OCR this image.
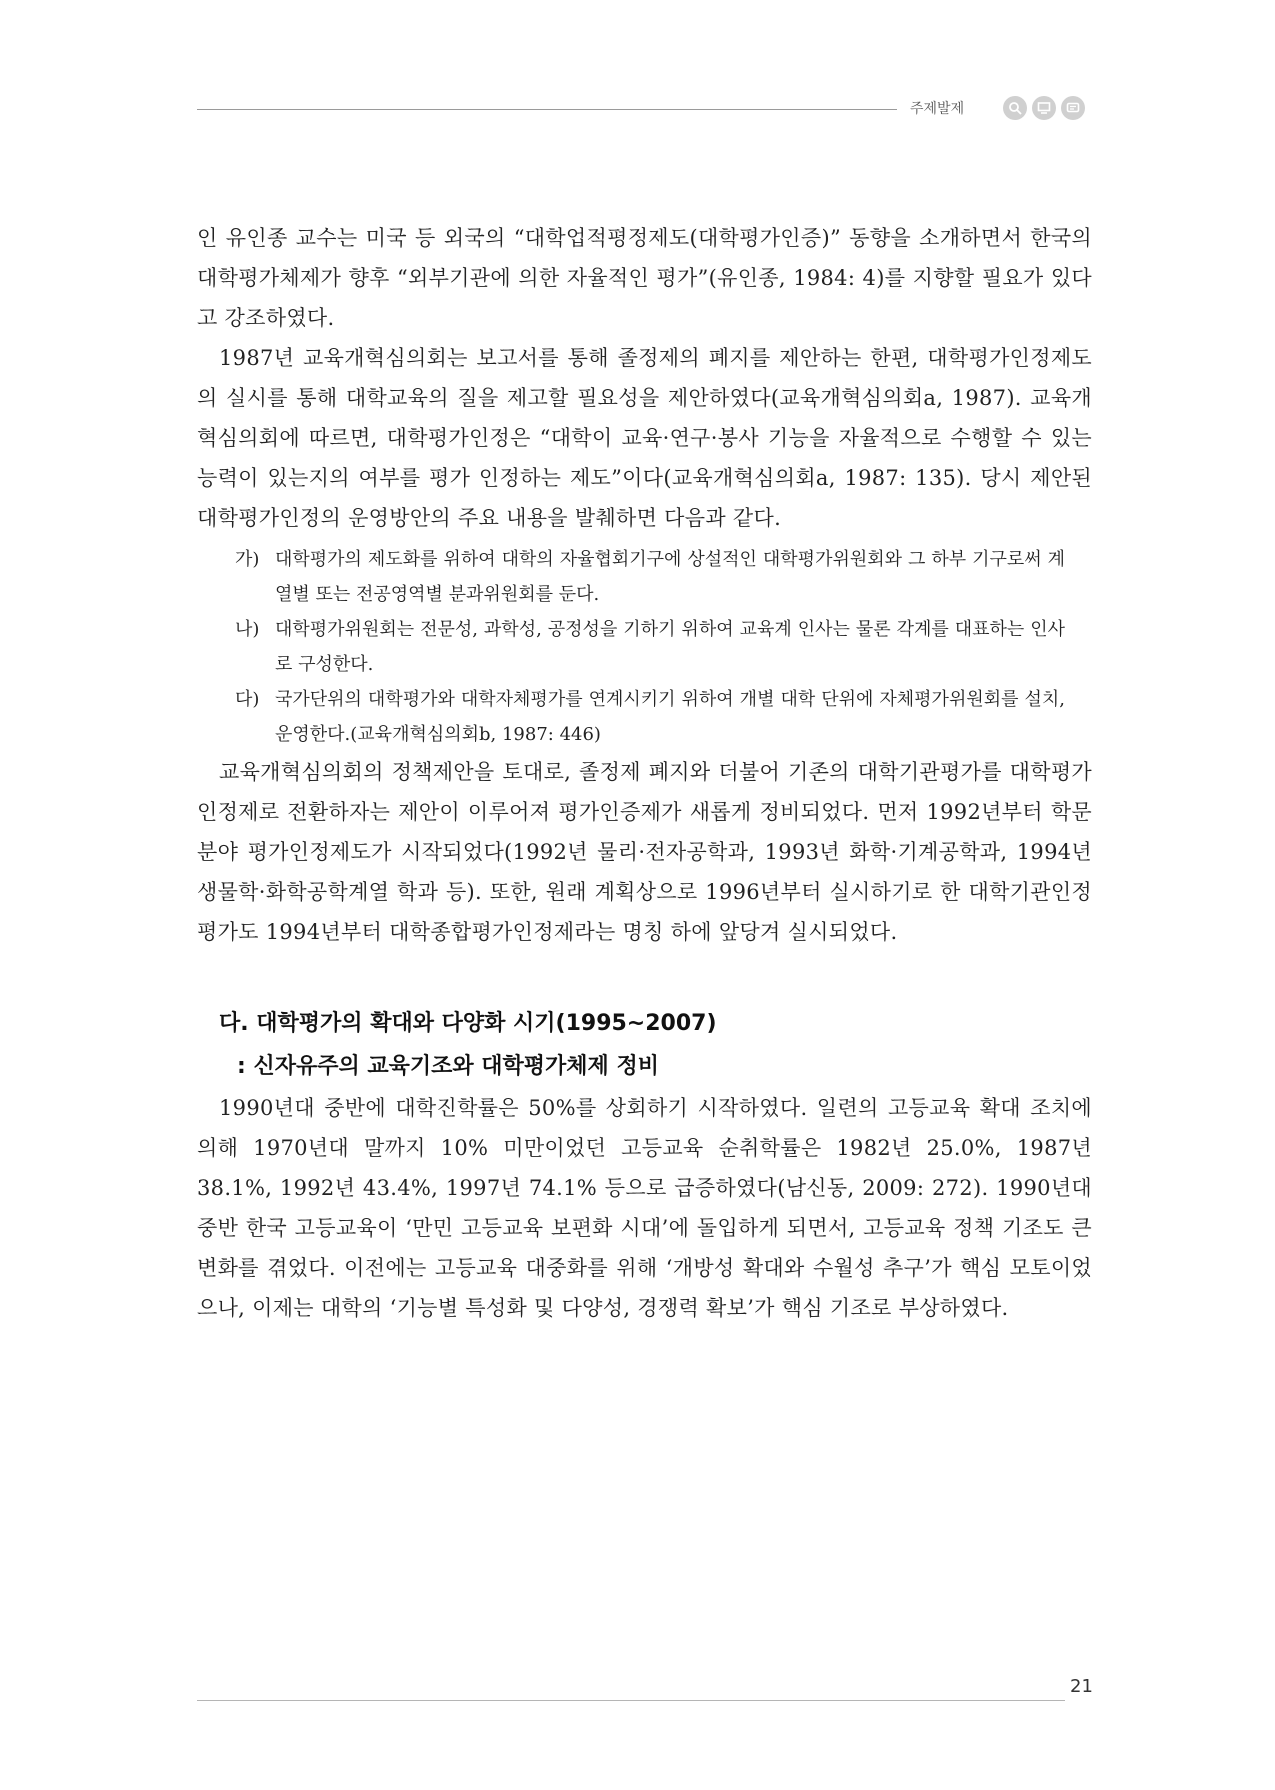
주제발제

인 유인종 교수는 미국 등 외국의 “대학업적평정제도(대학평가인증)” 동향을 소개하면서 한국의 대학평가체제가 향후 “외부기관에 의한 자율적인 평가”(유인종, 1984: 4)를 지향할 필요가 있다고 강조하였다.

1987년 교육개혁심의회는 보고서를 통해 졸정제의 폐지를 제안하는 한편, 대학평가인정제도의 실시를 통해 대학교육의 질을 제고할 필요성을 제안하였다(교육개혁심의회a, 1987). 교육개혁심의회에 따르면, 대학평가인정은 “대학이 교육·연구·봉사 기능을 자율적으로 수행할 수 있는 능력이 있는지의 여부를 평가 인정하는 제도”이다(교육개혁심의회a, 1987: 135). 당시 제안된 대학평가인정의 운영방안의 주요 내용을 발췌하면 다음과 같다.

가) 대학평가의 제도화를 위하여 대학의 자율협회기구에 상설적인 대학평가위원회와 그 하부 기구로써 계열별 또는 전공영역별 분과위원회를 둔다.
나) 대학평가위원회는 전문성, 과학성, 공정성을 기하기 위하여 교육계 인사는 물론 각계를 대표하는 인사로 구성한다.
다) 국가단위의 대학평가와 대학자체평가를 연계시키기 위하여 개별 대학 단위에 자체평가위원회를 설치, 운영한다.(교육개혁심의회b, 1987: 446)

교육개혁심의회의 정책제안을 토대로, 졸정제 폐지와 더불어 기존의 대학기관평가를 대학평가인정제로 전환하자는 제안이 이루어져 평가인증제가 새롭게 정비되었다. 먼저 1992년부터 학문분야 평가인정제도가 시작되었다(1992년 물리·전자공학과, 1993년 화학·기계공학과, 1994년 생물학·화학공학계열 학과 등). 또한, 원래 계획상으로 1996년부터 실시하기로 한 대학기관인정평가도 1994년부터 대학종합평가인정제라는 명칭 하에 앞당겨 실시되었다.

다. 대학평가의 확대와 다양화 시기(1995~2007)
: 신자유주의 교육기조와 대학평가체제 정비

1990년대 중반에 대학진학률은 50%를 상회하기 시작하였다. 일련의 고등교육 확대 조치에 의해 1970년대 말까지 10% 미만이었던 고등교육 순취학률은 1982년 25.0%, 1987년 38.1%, 1992년 43.4%, 1997년 74.1% 등으로 급증하였다(남신동, 2009: 272). 1990년대 중반 한국 고등교육이 ‘만민 고등교육 보편화 시대’에 돌입하게 되면서, 고등교육 정책 기조도 큰 변화를 겪었다. 이전에는 고등교육 대중화를 위해 ‘개방성 확대와 수월성 추구’가 핵심 모토이었으나, 이제는 대학의 ‘기능별 특성화 및 다양성, 경쟁력 확보’가 핵심 기조로 부상하였다.

21
